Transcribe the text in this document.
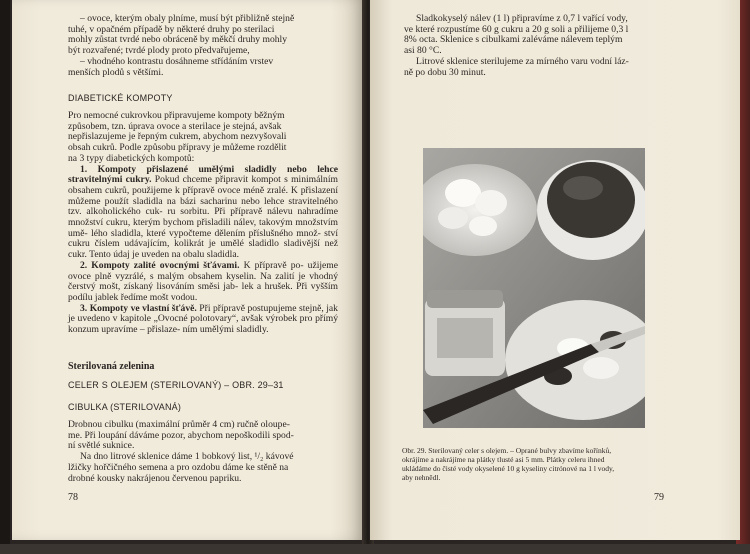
– ovoce, kterým obaly plníme, musí být přibližně stejně

tuhé, v opačném případě by některé druhy po sterilaci

mohly zůstat tvrdé nebo obráceně by měkčí druhy mohly

být rozvařené; tvrdé plody proto předvařujeme,

– vhodného kontrastu dosáhneme střídáním vrstev

menších plodů s většími.

DIABETICKÉ KOMPOTY

Pro nemocné cukrovkou připravujeme kompoty běžným

způsobem, tzn. úprava ovoce a sterilace je stejná, avšak

nepřislazujeme je řepným cukrem, abychom nezvyšovali

obsah cukrů. Podle způsobu přípravy je můžeme rozdělit

na 3 typy diabetických kompotů:

1. Kompoty přislazené umělými sladidly nebo lehce stravitelnými cukry. Pokud chceme připravit kompot s minimálním obsahem cukrů, použijeme k přípravě ovoce méně zralé. K přislazení můžeme použít sladidla na bázi sacharinu nebo lehce stravitelného tzv. alkoholického cuk- ru sorbitu. Při přípravě nálevu nahradíme množství cukru, kterým bychom přisladili nálev, takovým množstvím umě- lého sladidla, které vypočteme dělením příslušného množ- ství cukru číslem udávajícím, kolikrát je umělé sladidlo sladivější než cukr. Tento údaj je uveden na obalu sladidla.

2. Kompoty zalité ovocnými šťávami. K přípravě po- užijeme ovoce plně vyzrálé, s malým obsahem kyselin. Na zalití je vhodný čerstvý mošt, získaný lisováním směsi jab- lek a hrušek. Při vyšším podílu jablek ředíme mošt vodou.

3. Kompoty ve vlastní šťávě. Při přípravě postupujeme stejně, jak je uvedeno v kapitole „Ovocné polotovary“, avšak výrobek pro přímý konzum upravíme – přislaze- ním umělými sladidly.

Sterilovaná zelenina
CELER S OLEJEM (STERILOVANÝ) – OBR. 29–31
CIBULKA (STERILOVANÁ)

Drobnou cibulku (maximální průměr 4 cm) ručně oloupe-

me. Při loupání dáváme pozor, abychom nepoškodili spod-

ní světlé suknice.

Na dno litrové sklenice dáme 1 bobkový list, ¹/₂ kávové

lžičky hořčičného semena a pro ozdobu dáme ke stěně na

drobné kousky nakrájenou červenou papriku.

78

Sladkokyselý nálev (1 l) připravíme z 0,7 l vařící vody,

ve které rozpustíme 60 g cukru a 20 g soli a přilijeme 0,3 l

8% octa. Sklenice s cibulkami zaléváme nálevem teplým

asi 80 °C.

Litrové sklenice sterilujeme za mírného varu vodní láz-

ně po dobu 30 minut.

Obr. 29. Sterilovaný celer s olejem. – Oprané bulvy zbavíme kořínků,
okrájíme a nakrájíme na plátky tlusté asi 5 mm. Plátky celeru ihned
ukládáme do čisté vody okyselené 10 g kyseliny citrónové na 1 l vody,
aby nehnědl.
79
